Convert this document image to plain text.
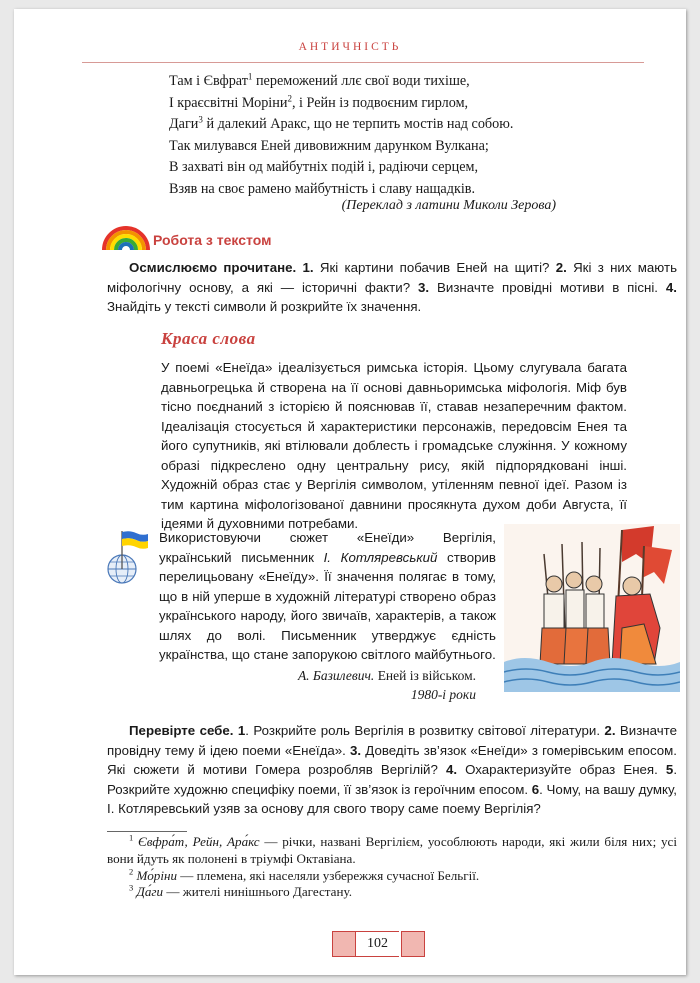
АНТИЧНІСТЬ
Там і Євфрат$^1$ переможений ллє свої води тихіше,
І краєсвітні Моріни$^2$, і Рейн із подвоєним гирлом,
Даги$^3$ й далекий Аракс, що не терпить мостів над собою.
Так милувався Еней дивовижним дарунком Вулкана;
В захваті він од майбутніх подій і, радіючи серцем,
Взяв на своє рамено майбутність і славу нащадків.
(Переклад з латини Миколи Зерова)
Робота з текстом
Осмислюємо прочитане. 1. Які картини побачив Еней на щиті? 2. Які з них мають міфологічну основу, а які — історичні факти? 3. Визначте провідні мотиви в пісні. 4. Знайдіть у тексті символи й розкрийте їх значення.
Краса слова
У поемі «Енеїда» ідеалізується римська історія. Цьому слугувала багата давньогрецька й створена на її основі давньоримська міфологія. Міф був тісно поєднаний з історією й пояснював її, ставав незаперечним фактом. Ідеалізація стосується й характеристики персонажів, передовсім Енея та його супутників, які втілювали доблесть і громадське служіння. У кожному образі підкреслено одну центральну рису, якій підпорядковані інші. Художній образ стає у Вергілія символом, утіленням певної ідеї. Разом із тим картина міфологізованої давнини просякнута духом доби Августа, її ідеями й духовними потребами.
Використовуючи сюжет «Енеїди» Вергілія, український письменник І. Котляревський створив перелицьовану «Енеїду». Її значення полягає в тому, що в ній уперше в художній літературі створено образ українського народу, його звичаїв, характерів, а також шлях до волі. Письменник утверджує єдність українства, що стане запорукою світлого майбутнього.
А. Базилевич. Еней із військом.
1980-і роки
Перевірте себе. 1. Розкрийте роль Вергілія в розвитку світової літератури. 2. Визначте провідну тему й ідею поеми «Енеїда». 3. Доведіть зв’язок «Енеїди» з гомерівським епосом. Які сюжети й мотиви Гомера розробляв Вергілій? 4. Охарактеризуйте образ Енея. 5. Розкрийте художню специфіку поеми, її зв’язок із героїчним епосом. 6. Чому, на вашу думку, І. Котляревський узяв за основу для свого твору саме поему Вергілія?
$^1$ Євфра́т, Рейн, Ара́кс — річки, названі Вергілієм, уособлюють народи, які жили біля них; усі вони йдуть як полонені в тріумфі Октавіана.
$^2$ Мо́ріни — племена, які населяли узбережжя сучасної Бельгії.
$^3$ Да́ги — жителі нинішнього Дагестану.
102
